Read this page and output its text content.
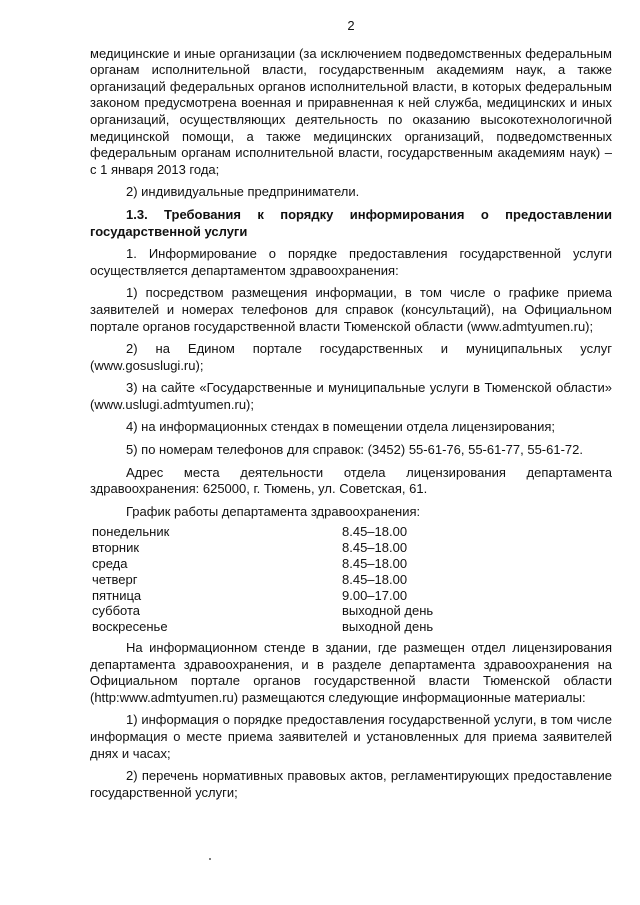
2

медицинские и иные организации (за исключением подведомственных федеральным органам исполнительной власти, государственным академиям наук, а также организаций федеральных органов исполнительной власти, в которых федеральным законом предусмотрена военная и приравненная к ней служба, медицинских и иных организаций, осуществляющих деятельность по оказанию высокотехнологичной медицинской помощи, а также медицинских организаций, подведомственных федеральным органам исполнительной власти, государственным академиям наук) – с 1 января 2013 года;

2) индивидуальные предприниматели.

1.3. Требования к порядку информирования о предоставлении государственной услуги

1. Информирование о порядке предоставления государственной услуги осуществляется департаментом здравоохранения:

1) посредством размещения информации, в том числе о графике приема заявителей и номерах телефонов для справок (консультаций), на Официальном портале органов государственной власти Тюменской области (www.admtyumen.ru);

2) на Едином портале государственных и муниципальных услуг (www.gosuslugi.ru);

3) на сайте «Государственные и муниципальные услуги в Тюменской области» (www.uslugi.admtyumen.ru);

4) на информационных стендах в помещении отдела лицензирования;

5) по номерам телефонов для справок: (3452) 55-61-76, 55-61-77, 55-61-72.

Адрес места деятельности отдела лицензирования департамента здравоохранения: 625000, г. Тюмень, ул. Советская, 61.

График работы департамента здравоохранения:

понедельник	8.45–18.00
вторник	8.45–18.00
среда	8.45–18.00
четверг	8.45–18.00
пятница	9.00–17.00
суббота	выходной день
воскресенье	выходной день

На информационном стенде в здании, где размещен отдел лицензирования департамента здравоохранения, и в разделе департамента здравоохранения на Официальном портале органов государственной власти Тюменской области (http:www.admtyumen.ru) размещаются следующие информационные материалы:

1) информация о порядке предоставления государственной услуги, в том числе информация о месте приема заявителей и установленных для приема заявителей днях и часах;

2) перечень нормативных правовых актов, регламентирующих предоставление государственной услуги;
